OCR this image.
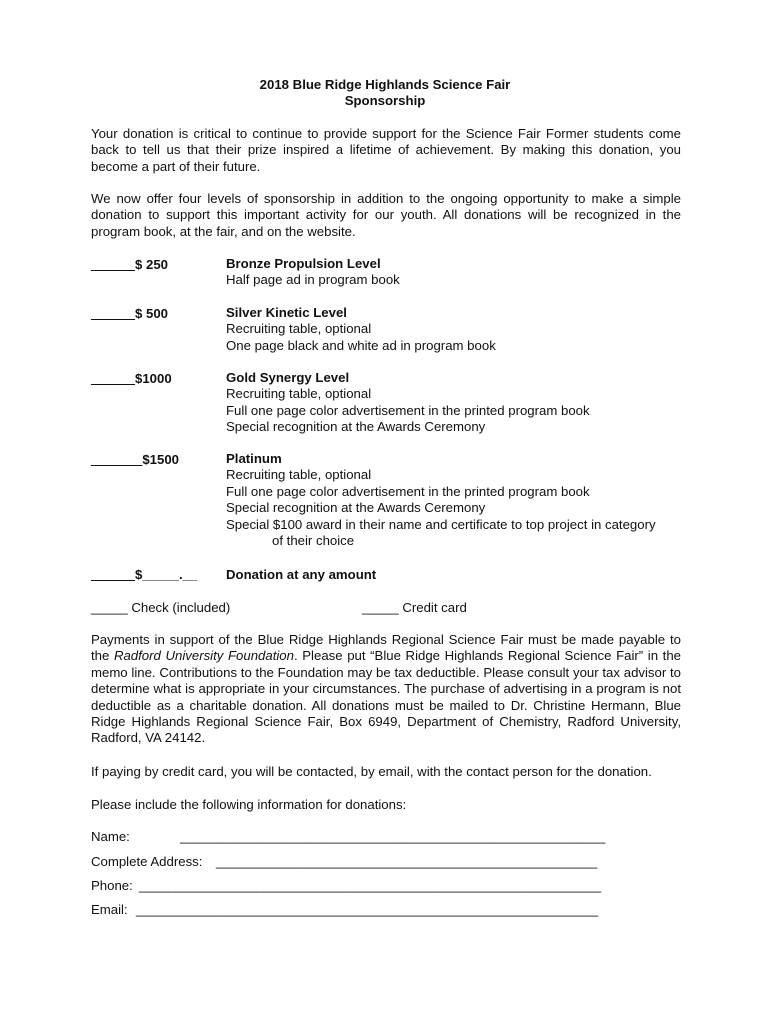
2018 Blue Ridge Highlands Science Fair
Sponsorship
Your donation is critical to continue to provide support for the Science Fair Former students come back to tell us that their prize inspired a lifetime of achievement. By making this donation, you become a part of their future.
We now offer four levels of sponsorship in addition to the ongoing opportunity to make a simple donation to support this important activity for our youth. All donations will be recognized in the program book, at the fair, and on the website.
______$ 250	Bronze Propulsion Level
Half page ad in program book
______$ 500	Silver Kinetic Level
Recruiting table, optional
One page black and white ad in program book
______$1000	Gold Synergy Level
Recruiting table, optional
Full one page color advertisement in the printed program book
Special recognition at the Awards Ceremony
_______$1500	Platinum
Recruiting table, optional
Full one page color advertisement in the printed program book
Special recognition at the Awards Ceremony
Special $100 award in their name and certificate to top project in category
of their choice
______$_____.__ Donation at any amount
_____ Check (included)	_____ Credit card
Payments in support of the Blue Ridge Highlands Regional Science Fair must be made payable to the Radford University Foundation. Please put “Blue Ridge Highlands Regional Science Fair” in the memo line. Contributions to the Foundation may be tax deductible. Please consult your tax advisor to determine what is appropriate in your circumstances. The purchase of advertising in a program is not deductible as a charitable donation. All donations must be mailed to Dr. Christine Hermann, Blue Ridge Highlands Regional Science Fair, Box 6949, Department of Chemistry, Radford University, Radford, VA 24142.
If paying by credit card, you will be contacted, by email, with the contact person for the donation.
Please include the following information for donations:
Name:	__________________________________________________________
Complete Address: ____________________________________________________
Phone: _______________________________________________________________
Email: _______________________________________________________________
